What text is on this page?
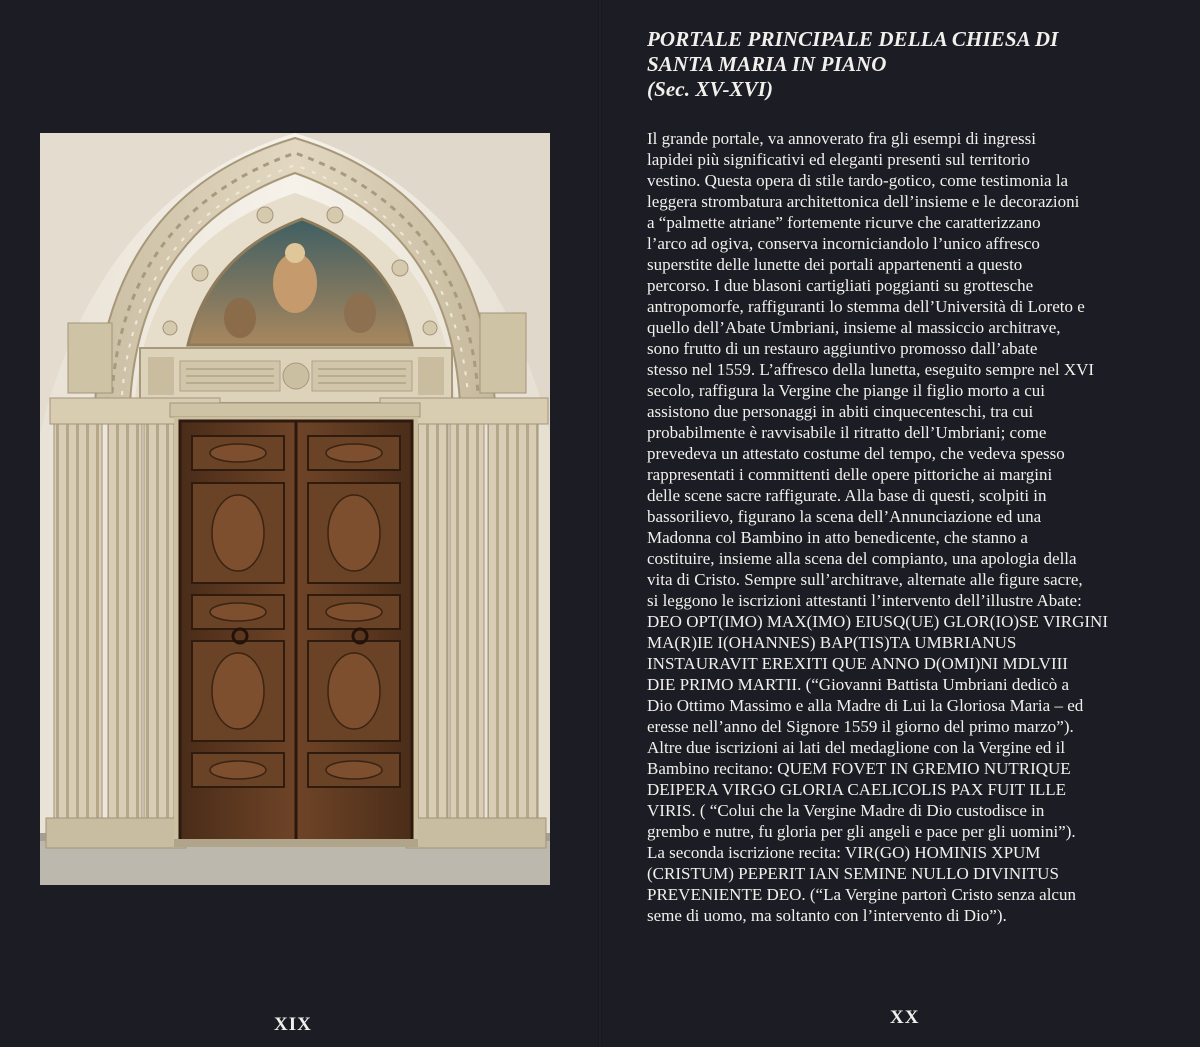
XIX
PORTALE PRINCIPALE DELLA CHIESA DI
SANTA MARIA IN PIANO
(Sec. XV-XVI)
Il grande portale, va annoverato fra gli esempi di ingressi
lapidei più significativi ed eleganti presenti sul territorio
vestino. Questa opera di stile tardo-gotico, come testimonia la
leggera strombatura architettonica dell’insieme e le decorazioni
a “palmette atriane” fortemente ricurve che caratterizzano
l’arco ad ogiva, conserva incorniciandolo l’unico affresco
superstite delle lunette dei portali appartenenti a questo
percorso. I due blasoni cartigliati poggianti su grottesche
antropomorfe, raffiguranti lo stemma dell’Università di Loreto e
quello dell’Abate Umbriani, insieme al massiccio architrave,
sono frutto di un restauro aggiuntivo promosso dall’abate
stesso nel 1559. L’affresco della lunetta, eseguito sempre nel XVI
secolo, raffigura la Vergine che piange il figlio morto a cui
assistono due personaggi in abiti cinquecenteschi, tra cui
probabilmente è ravvisabile il ritratto dell’Umbriani; come
prevedeva un attestato costume del tempo, che vedeva spesso
rappresentati i committenti delle opere pittoriche ai margini
delle scene sacre raffigurate. Alla base di questi, scolpiti in
bassorilievo, figurano la scena dell’Annunciazione ed una
Madonna col Bambino in atto benedicente, che stanno a
costituire, insieme alla scena del compianto, una apologia della
vita di Cristo. Sempre sull’architrave, alternate alle figure sacre,
si leggono le iscrizioni attestanti l’intervento dell’illustre Abate:
DEO OPT(IMO) MAX(IMO) EIUSQ(UE) GLOR(IO)SE VIRGINI
MA(R)IE I(OHANNES) BAP(TIS)TA UMBRIANUS
INSTAURAVIT EREXITI QUE ANNO D(OMI)NI MDLVIII
DIE PRIMO MARTII. (“Giovanni Battista Umbriani dedicò a
Dio Ottimo Massimo e alla Madre di Lui la Gloriosa Maria – ed
eresse nell’anno del Signore 1559 il giorno del primo marzo”).
Altre due iscrizioni ai lati del medaglione con la Vergine ed il
Bambino recitano: QUEM FOVET IN GREMIO NUTRIQUE
DEIPERA VIRGO GLORIA CAELICOLIS PAX FUIT ILLE
VIRIS. ( “Colui che la Vergine Madre di Dio custodisce in
grembo e nutre, fu gloria per gli angeli e pace per gli uomini”).
La seconda iscrizione recita: VIR(GO) HOMINIS XPUM
(CRISTUM) PEPERIT IAN SEMINE NULLO DIVINITUS
PREVENIENTE DEO. (“La Vergine partorì Cristo senza alcun
seme di uomo, ma soltanto con l’intervento di Dio”).
XX
